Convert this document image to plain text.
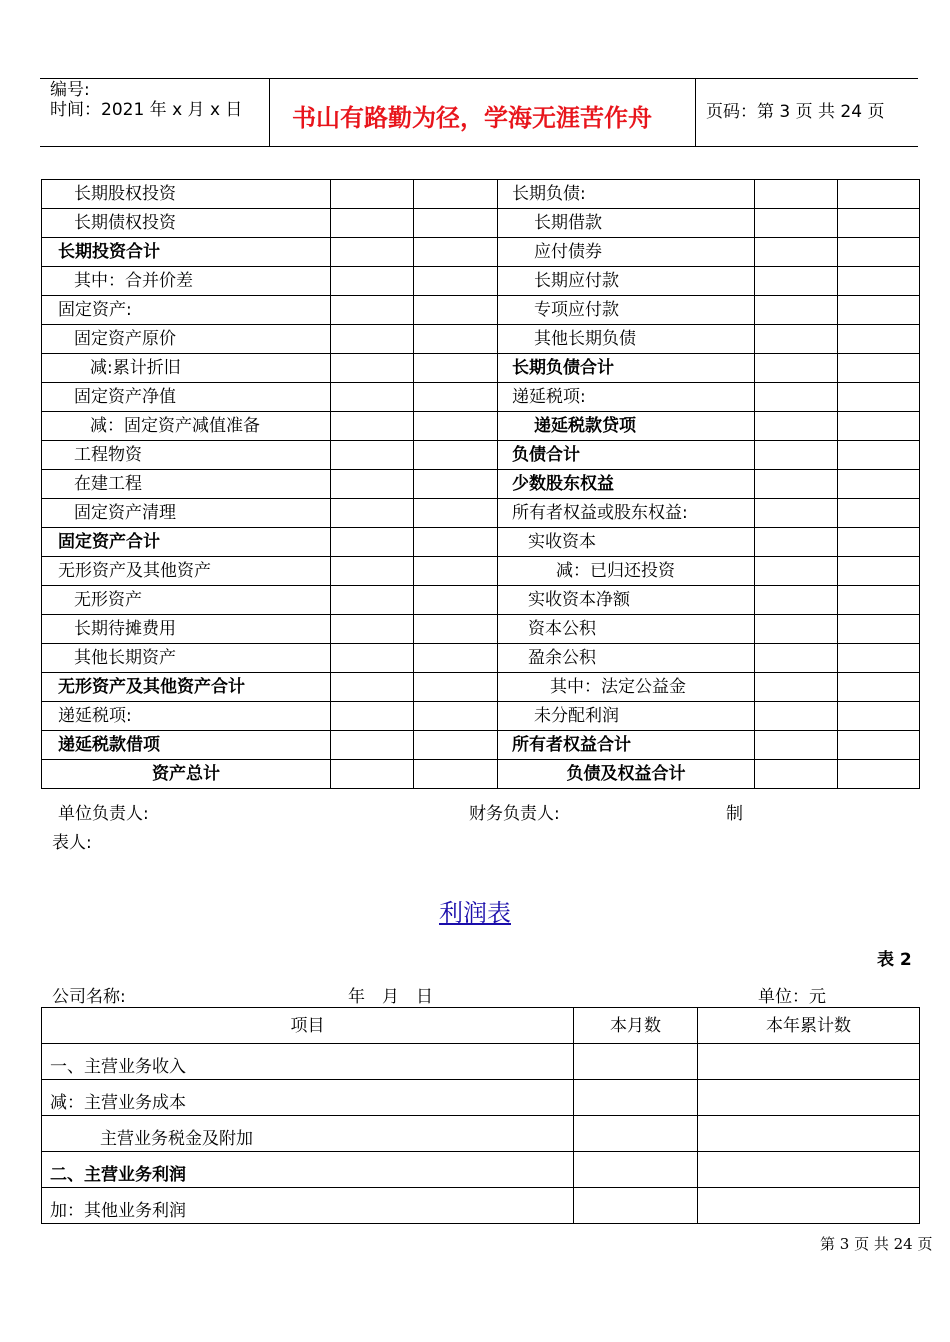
编号:
时间：2021 年 x 月 x 日 书山有路勤为径，学海无涯苦作舟	页码：第 3 页 共 24 页
长期股权投资			长期负债:		
长期债权投资			长期借款		
长期投资合计			应付债券		
其中：合并价差			长期应付款		
固定资产:			专项应付款		
固定资产原价			其他长期负债		
减:累计折旧			长期负债合计		
固定资产净值			递延税项:		
减：固定资产减值准备			递延税款贷项		
工程物资			负债合计		
在建工程			少数股东权益		
固定资产清理			所有者权益或股东权益:		
固定资产合计			实收资本		
无形资产及其他资产			减：已归还投资		
无形资产			实收资本净额		
长期待摊费用			资本公积		
其他长期资产			盈余公积		
无形资产及其他资产合计			其中：法定公益金		
递延税项:			未分配利润		
递延税款借项			所有者权益合计		
资产总计			负债及权益合计		
单位负责人:	财务负责人:	制
表人:
利润表
表 2
公司名称:	年　月　日	单位：元
项目	本月数	本年累计数
一、主营业务收入		
减：主营业务成本		
主营业务税金及附加		
二、主营业务利润		
加：其他业务利润		
第 3 页 共 24 页
